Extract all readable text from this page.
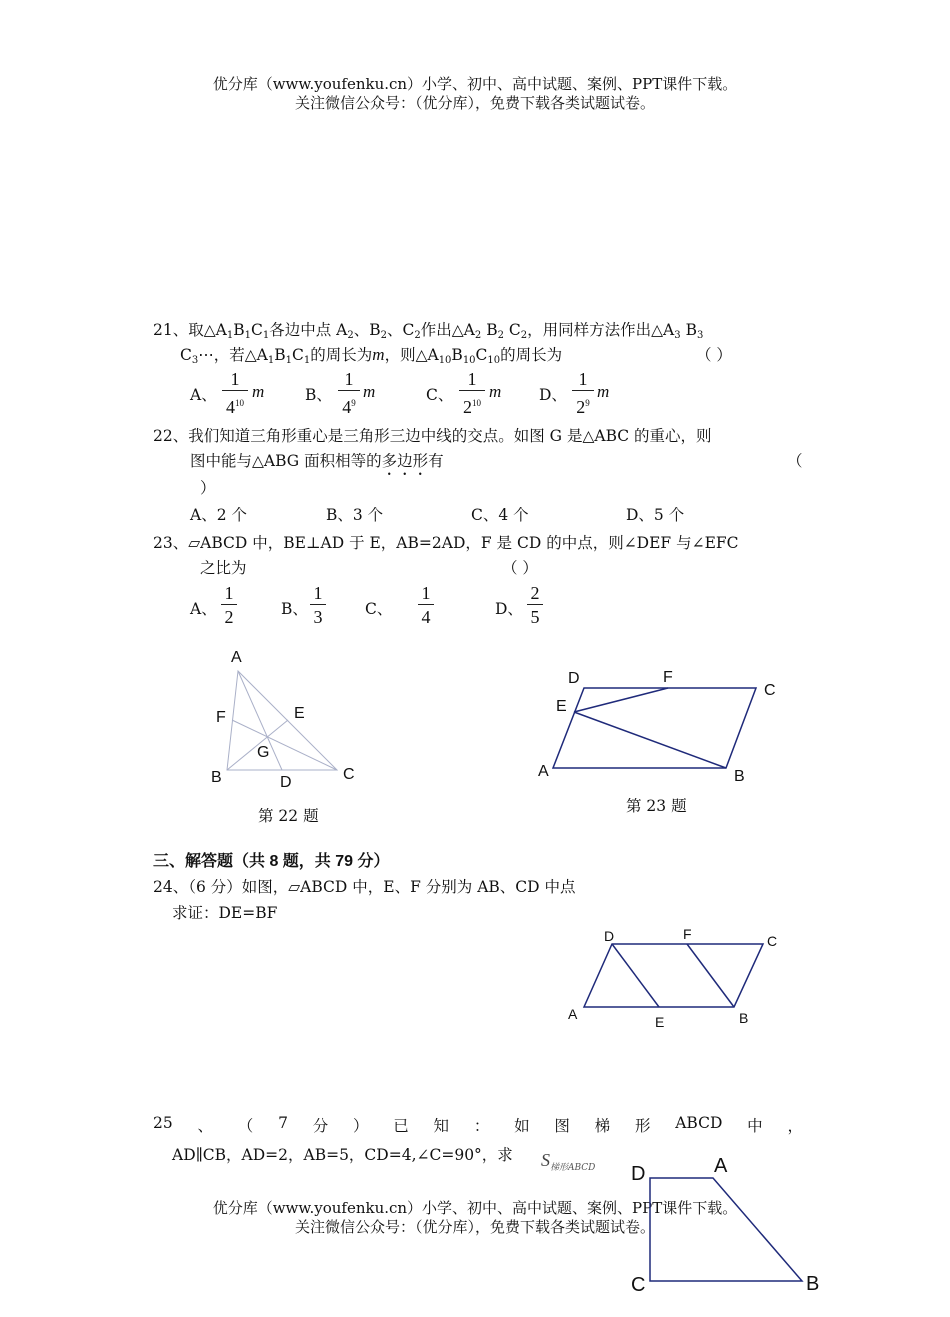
优分库（www.youfenku.cn）小学、初中、高中试题、案例、PPT课件下载。
关注微信公众号：（优分库），免费下载各类试题试卷。
21、取$\triangle A_1B_1C_1$各边中点 $A_2$、$B_2$、$C_2$作出$\triangle A_2$ $B_2$ $C_2$，用同样方法作出$\triangle A_3$ $B_3$
$C_3\cdots$，若$\triangle A_1B_1C_1$的周长为m，则$\triangle A_{10}B_{10}C_{10}$的周长为	（ ）
A、
1
$4^{10}$
m	B、
1
$4^9$
m	C、
1
$2^{10}$
m D、
1
$2^9$
m
22、我们知道三角形重心是三角形三边中线的交点。如图 G 是△ABC 的重心，则
图中能与△ABG 面积相等的多边形有	（
）
A、2 个	B、3 个	C、4 个	D、5 个
23、▱ABCD 中，BE⊥AD 于 E，AB=2AD，F 是 CD 的中点，则∠DEF 与∠EFC
之比为	（ ）
A、
1
2	B、
1
3	C、
1
4	D、
2
5
A
F	E
G
B	D	C
第 22 题
D	F
C
E
A	B
第 23 题
三、解答题（共 8 题，共 79 分）
24、（6 分）如图，▱ABCD 中，E、F 分别为 AB、CD 中点
求证：DE=BF
D	F	C
A	E	B
25 、 （ 7 分 ） 已 知 ： 如 图 梯 形 ABCD 中 ，
AD∥CB，AD=2，AB=5，CD=4,∠C=90°，求 $S_{梯形ABCD}$
优分库（www.youfenku.cn）小学、初中、高中试题、案例、PPT课件下载。
关注微信公众号：（优分库），免费下载各类试题试卷。
D	A
C	B
